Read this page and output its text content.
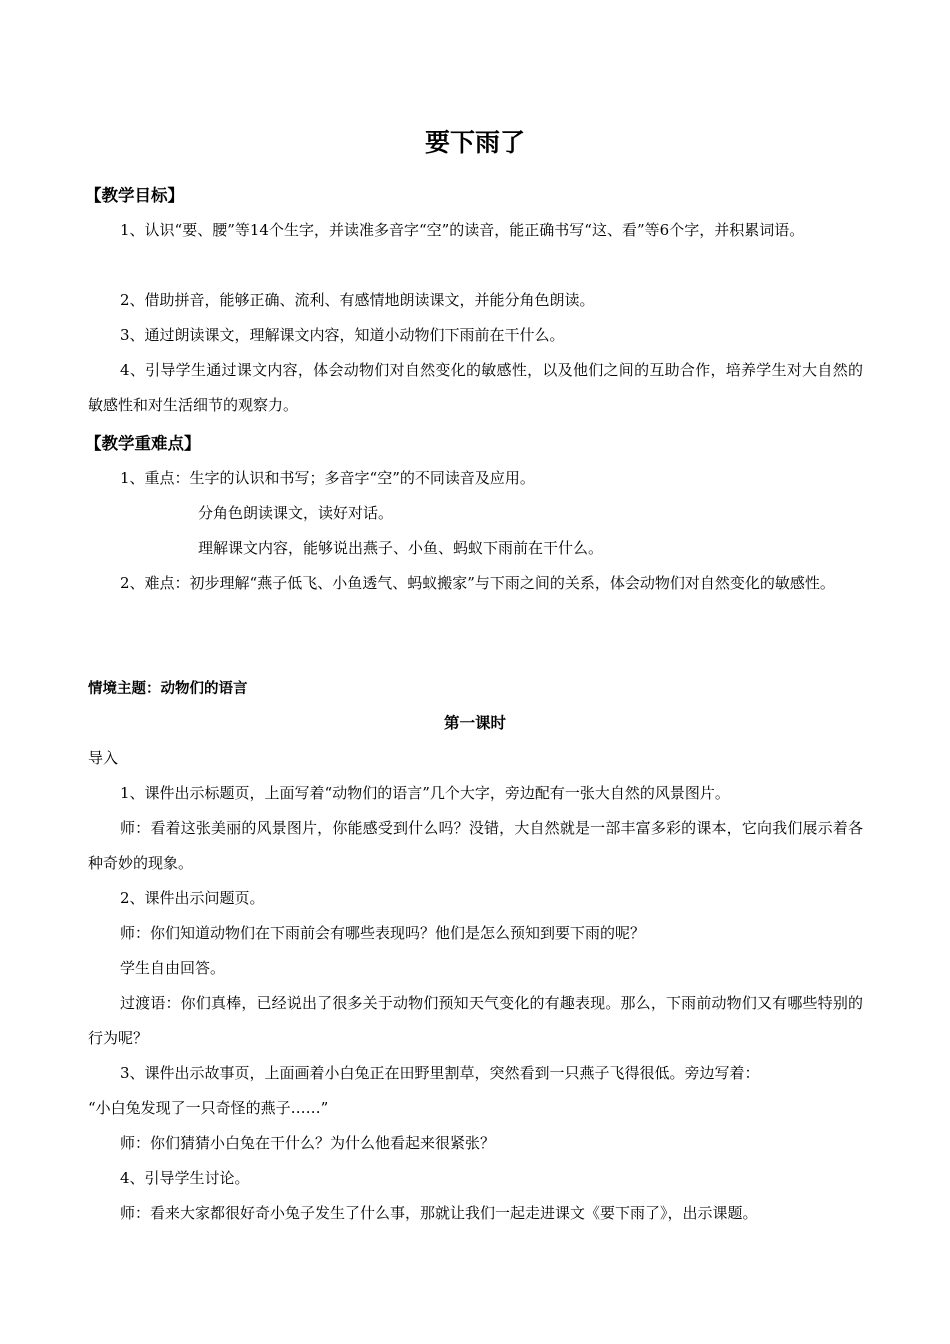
要下雨了
【教学目标】
1、认识“要、腰”等14个生字，并读准多音字“空”的读音，能正确书写“这、看”等6个字，并积累词语。
2、借助拼音，能够正确、流利、有感情地朗读课文，并能分角色朗读。
3、通过朗读课文，理解课文内容，知道小动物们下雨前在干什么。
4、引导学生通过课文内容，体会动物们对自然变化的敏感性，以及他们之间的互助合作，培养学生对大自然的敏感性和对生活细节的观察力。
【教学重难点】
1、重点：生字的认识和书写；多音字“空”的不同读音及应用。
分角色朗读课文，读好对话。
理解课文内容，能够说出燕子、小鱼、蚂蚁下雨前在干什么。
2、难点：初步理解“燕子低飞、小鱼透气、蚂蚁搬家”与下雨之间的关系，体会动物们对自然变化的敏感性。
情境主题：动物们的语言
第一课时
导入
1、课件出示标题页，上面写着“动物们的语言”几个大字，旁边配有一张大自然的风景图片。
师：看着这张美丽的风景图片，你能感受到什么吗？没错，大自然就是一部丰富多彩的课本，它向我们展示着各种奇妙的现象。
2、课件出示问题页。
师：你们知道动物们在下雨前会有哪些表现吗？他们是怎么预知到要下雨的呢？
学生自由回答。
过渡语：你们真棒，已经说出了很多关于动物们预知天气变化的有趣表现。那么，下雨前动物们又有哪些特别的行为呢？
3、课件出示故事页，上面画着小白兔正在田野里割草，突然看到一只燕子飞得很低。旁边写着：
“小白兔发现了一只奇怪的燕子……”
师：你们猜猜小白兔在干什么？为什么他看起来很紧张？
4、引导学生讨论。
师：看来大家都很好奇小兔子发生了什么事，那就让我们一起走进课文《要下雨了》，出示课题。
